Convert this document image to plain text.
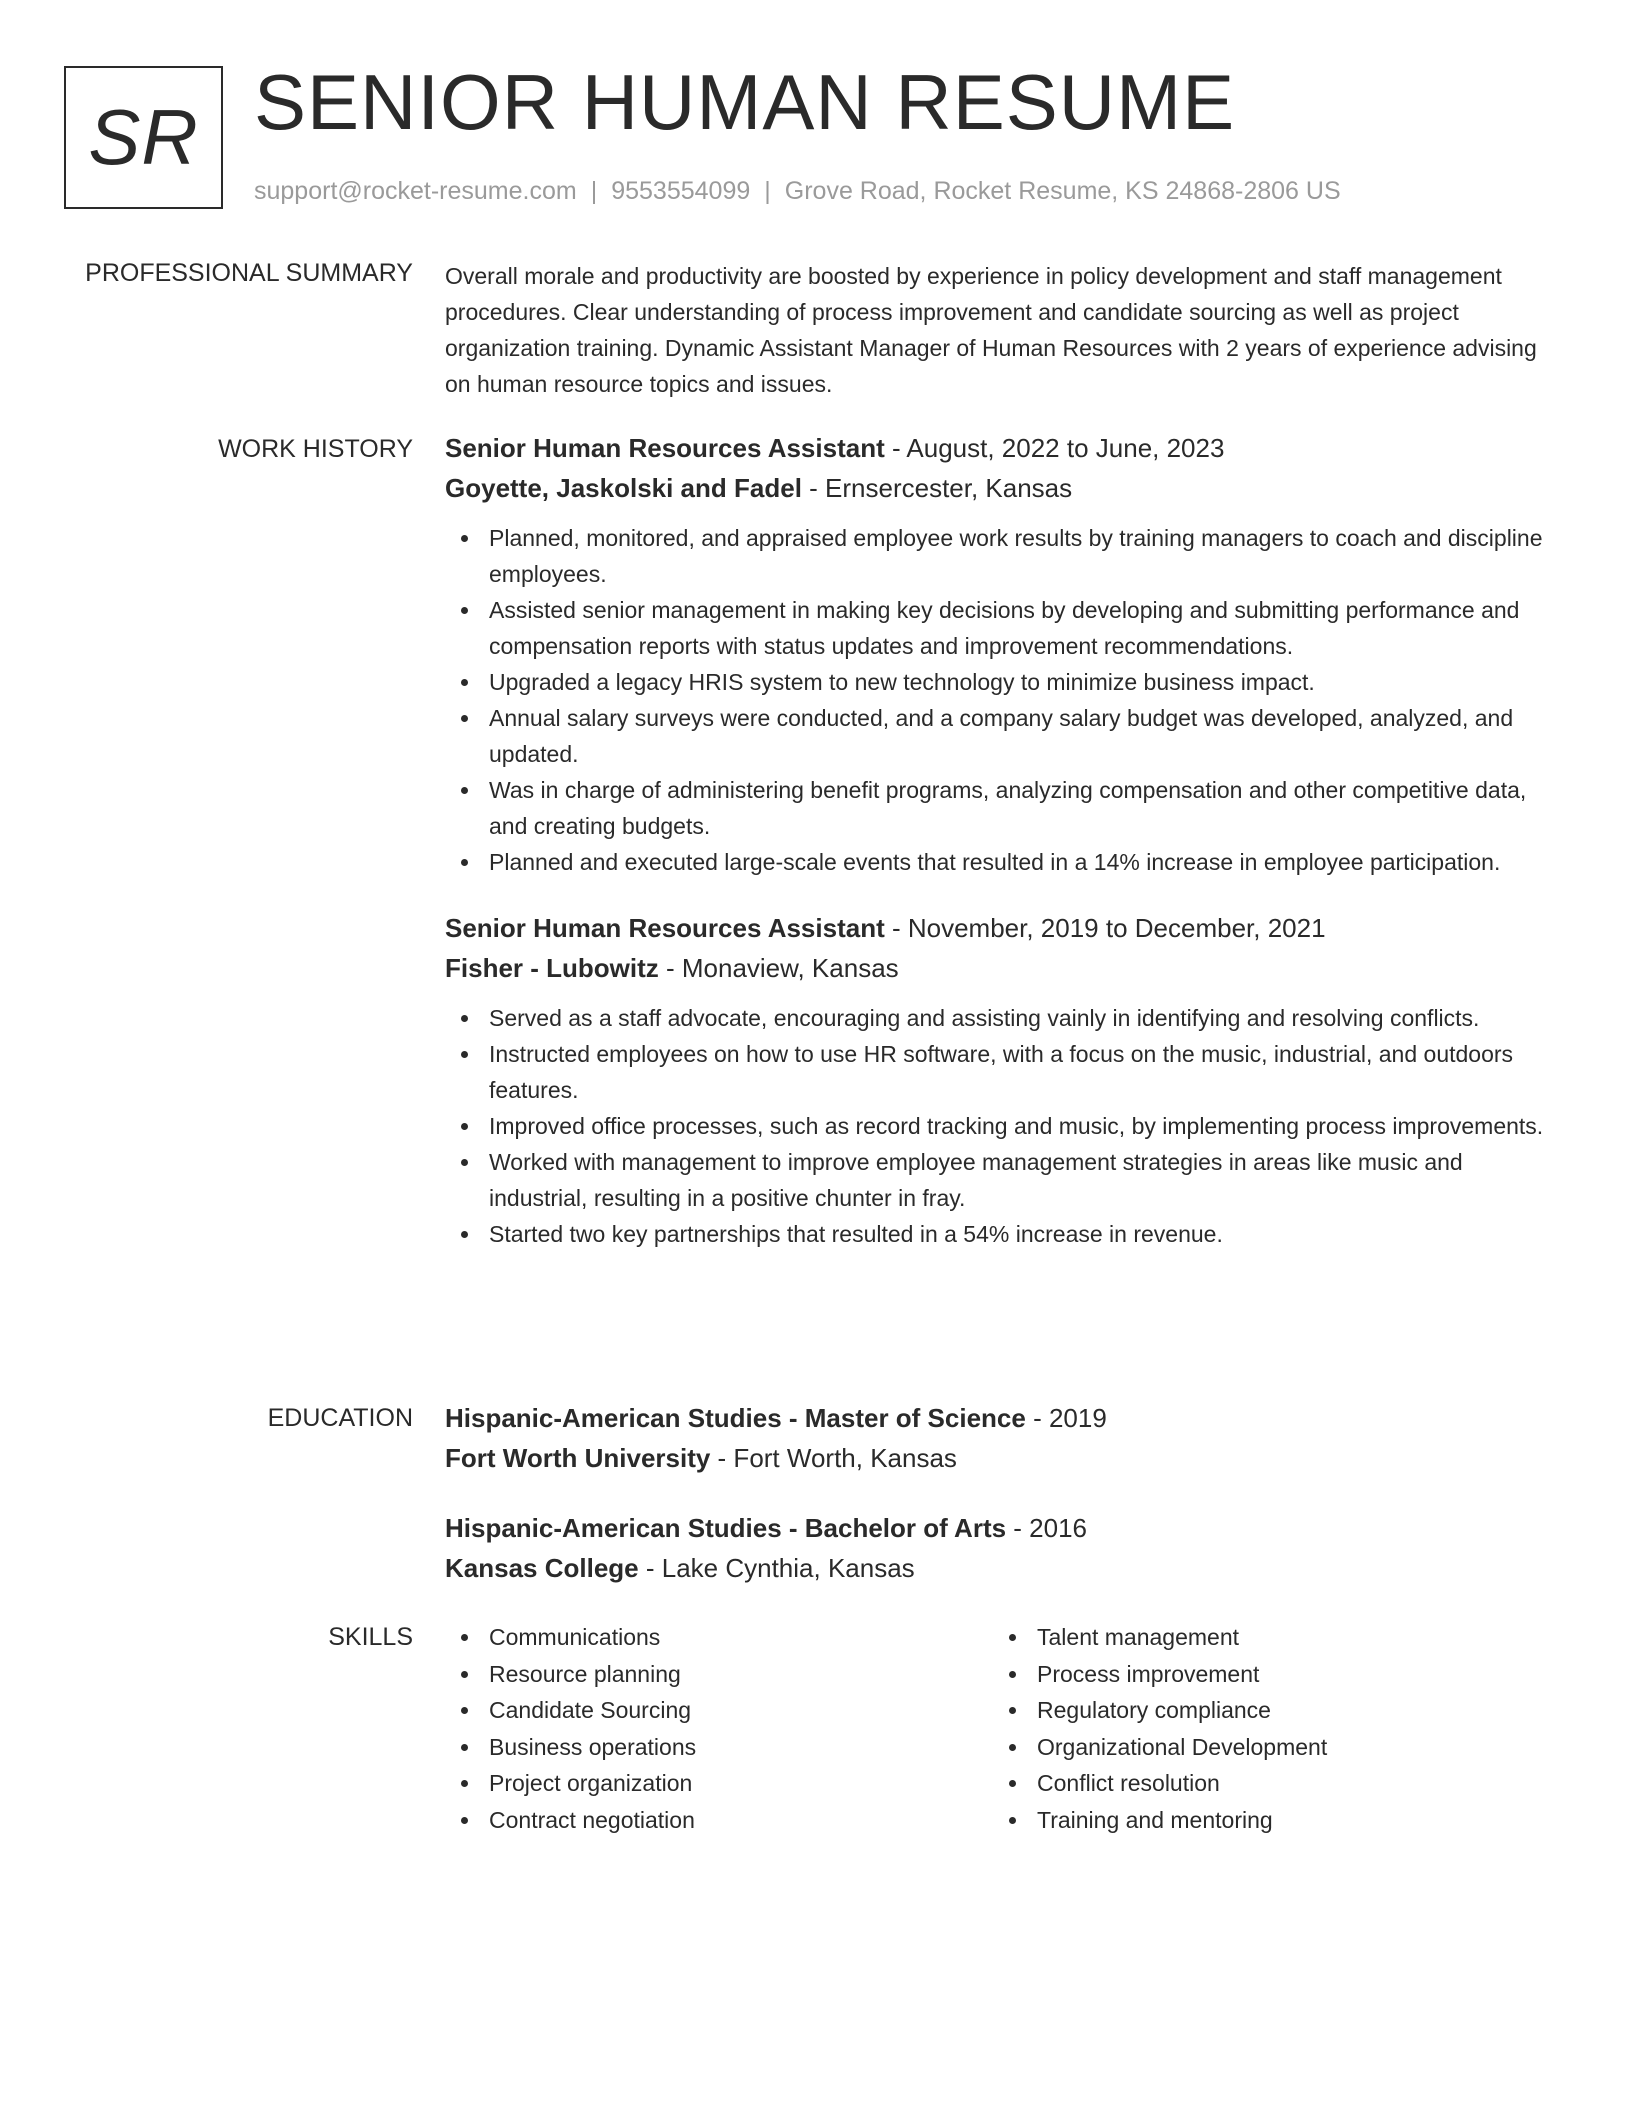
SR SENIOR HUMAN RESUME
support@rocket-resume.com | 9553554099 | Grove Road, Rocket Resume, KS 24868-2806 US
PROFESSIONAL SUMMARY Overall morale and productivity are boosted by experience in policy development and staff management procedures. Clear understanding of process improvement and candidate sourcing as well as project organization training. Dynamic Assistant Manager of Human Resources with 2 years of experience advising on human resource topics and issues.

WORK HISTORY Senior Human Resources Assistant - August, 2022 to June, 2023
Goyette, Jaskolski and Fadel - Ernsercester, Kansas
Planned, monitored, and appraised employee work results by training managers to coach and discipline employees.
Assisted senior management in making key decisions by developing and submitting performance and compensation reports with status updates and improvement recommendations.
Upgraded a legacy HRIS system to new technology to minimize business impact.
Annual salary surveys were conducted, and a company salary budget was developed, analyzed, and updated.
Was in charge of administering benefit programs, analyzing compensation and other competitive data, and creating budgets.
Planned and executed large-scale events that resulted in a 14% increase in employee participation.
Senior Human Resources Assistant - November, 2019 to December, 2021
Fisher - Lubowitz - Monaview, Kansas
Served as a staff advocate, encouraging and assisting vainly in identifying and resolving conflicts.
Instructed employees on how to use HR software, with a focus on the music, industrial, and outdoors features.
Improved office processes, such as record tracking and music, by implementing process improvements.
Worked with management to improve employee management strategies in areas like music and industrial, resulting in a positive chunter in fray.
Started two key partnerships that resulted in a 54% increase in revenue.
EDUCATION Hispanic-American Studies - Master of Science - 2019
Fort Worth University - Fort Worth, Kansas
Hispanic-American Studies - Bachelor of Arts - 2016
Kansas College - Lake Cynthia, Kansas
SKILLS	Communications
Resource planning
Candidate Sourcing
Business operations
Project organization
Contract negotiation
Talent management
Process improvement
Regulatory compliance
Organizational Development
Conflict resolution
Training and mentoring
